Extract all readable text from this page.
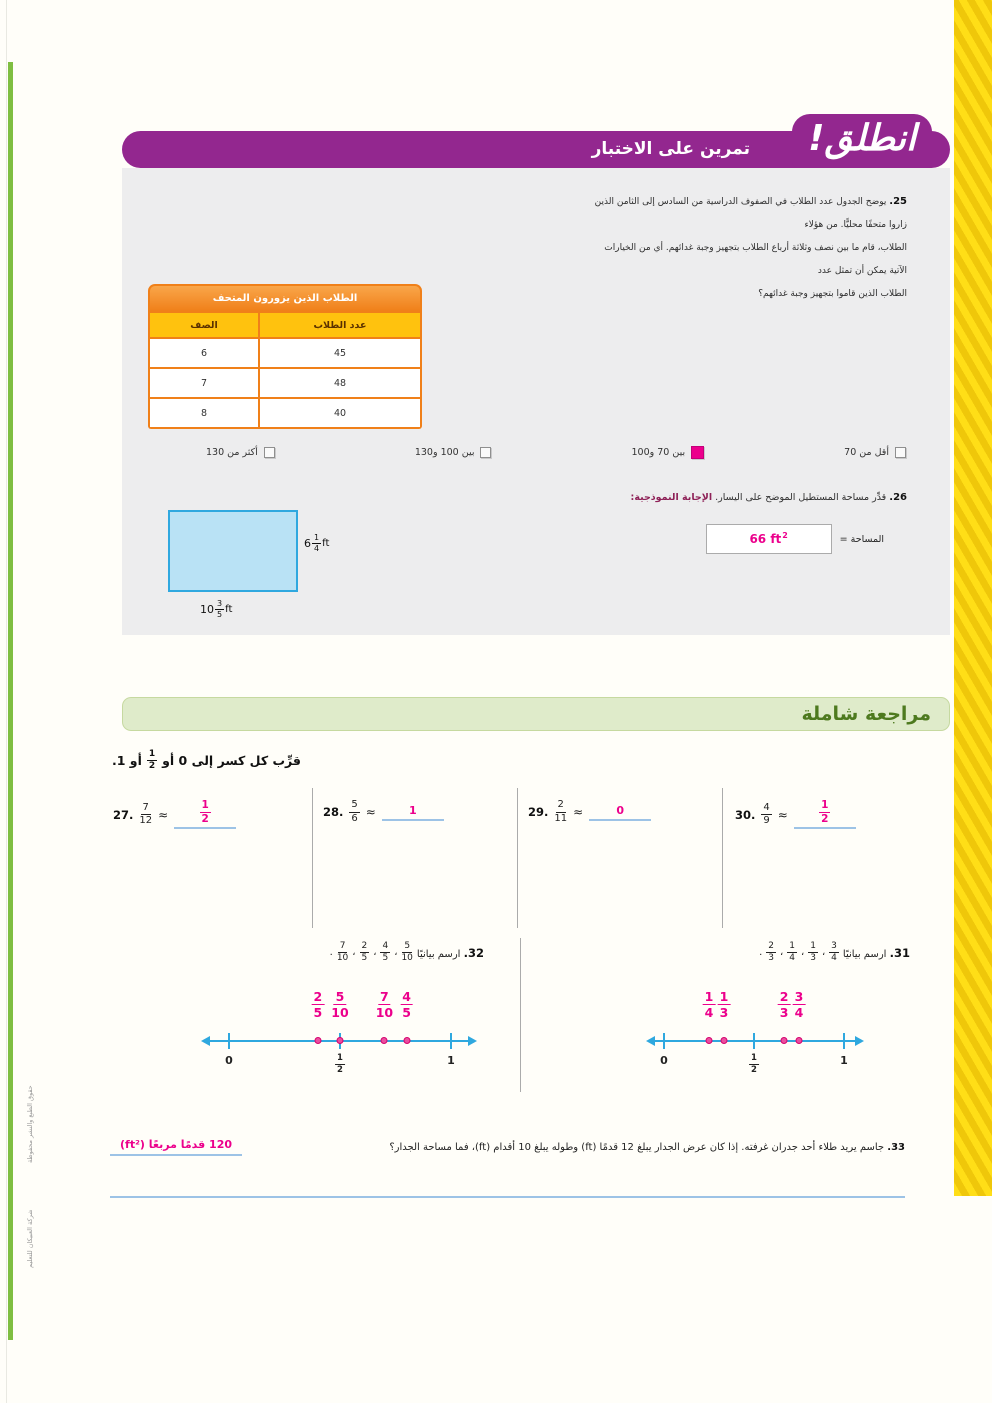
حقوق الطبع والنشر محفوظة
شركة العبيكان للتعليم
تمرين على الاختبار	انطلق!
25. يوضح الجدول عدد الطلاب في الصفوف الدراسية من السادس إلى الثامن الذين زاروا متحفًا محليًّا. من هؤلاء
الطلاب، قام ما بين نصف وثلاثة أرباع الطلاب بتجهيز وجبة غدائهم. أي من الخيارات الآتية يمكن أن تمثل عدد
الطلاب الذين قاموا بتجهيز وجبة غدائهم؟
الطلاب الذين يزورون المتحف
الصف	عدد الطلاب
6	45
7	48
8	40
أقل من 70
بين 70 و100
بين 100 و130
أكثر من 130
26. قدِّر مساحة المستطيل الموضح على اليسار. الإجابة النموذجية:
المساحة =
66 ft 2
$6 \frac{1}{4}$ ft
$10 \frac{3}{5}$ ft
مراجعة شاملة
قرِّب كل كسر إلى 0 أو
$\frac{1}{2}$
أو 1.
27. $\frac{7}{12}$ ≈	$\frac{1}{2}$	28. $\frac{5}{6}$ ≈	1	29. $\frac{2}{11}$ ≈	0	30. $\frac{4}{9}$ ≈	$\frac{1}{2}$
32. ارسم بيانيًا
$\frac{5}{10}$
،
$\frac{4}{5}$
،
$\frac{2}{5}$
،
$\frac{7}{10}$
.	31. ارسم بيانيًا
$\frac{3}{4}$
،
$\frac{1}{3}$
،
$\frac{1}{4}$
،
$\frac{2}{3}$
.
0	$\frac{1}{2}$	1
$\frac{2}{5} \frac{5}{10} \frac{7}{10} \frac{4}{5}$
0	$\frac{1}{2}$	1
$\frac{1}{4} \frac{1}{3}$	$\frac{2}{3} \frac{3}{4}$
33. جاسم يريد طلاء أحد جدران غرفته. إذا كان عرض الجدار يبلغ 12 قدمًا (ft) وطوله يبلغ 10 أقدام (ft)، فما مساحة الجدار؟
120 قدمًا مربعًا (ft²)
